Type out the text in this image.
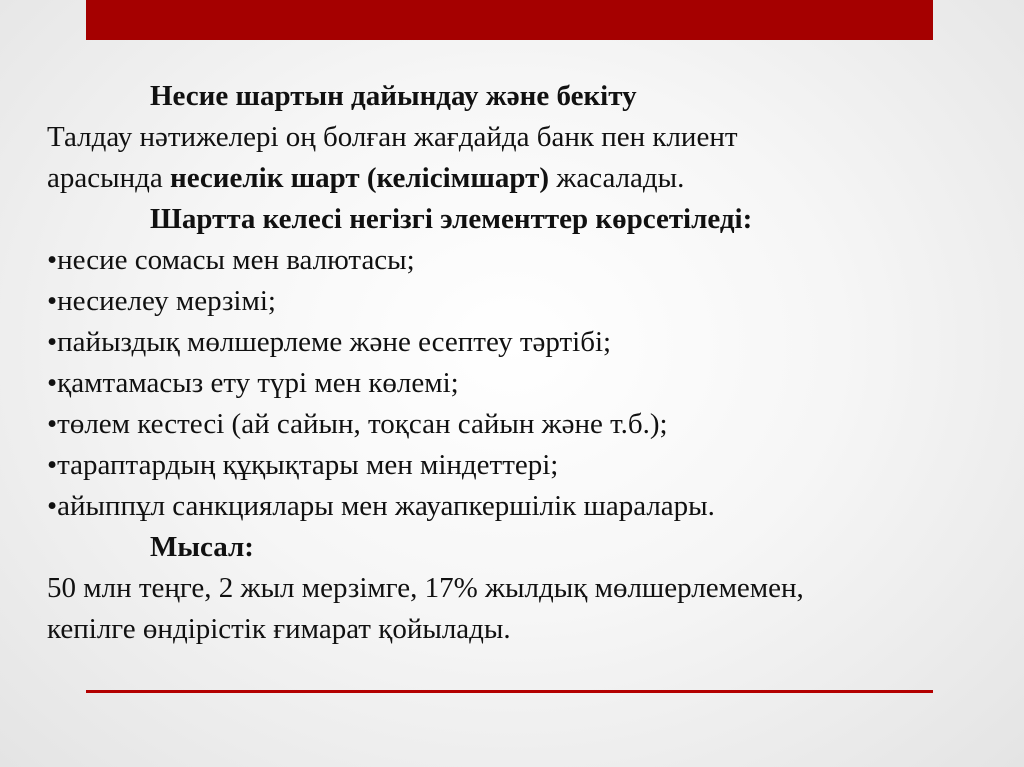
Несие шартын дайындау және бекіту

Талдау нәтижелері оң болған жағдайда банк пен клиент

арасында несиелік шарт (келісімшарт) жасалады.

Шартта келесі негізгі элементтер көрсетіледі:

•несие сомасы мен валютасы;

•несиелеу мерзімі;

•пайыздық мөлшерлеме және есептеу тәртібі;

•қамтамасыз ету түрі мен көлемі;

•төлем кестесі (ай сайын, тоқсан сайын және т.б.);

•тараптардың құқықтары мен міндеттері;

•айыппұл санкциялары мен жауапкершілік шаралары.

Мысал:

50 млн теңге, 2 жыл мерзімге, 17% жылдық мөлшерлемемен,

кепілге өндірістік ғимарат қойылады.
